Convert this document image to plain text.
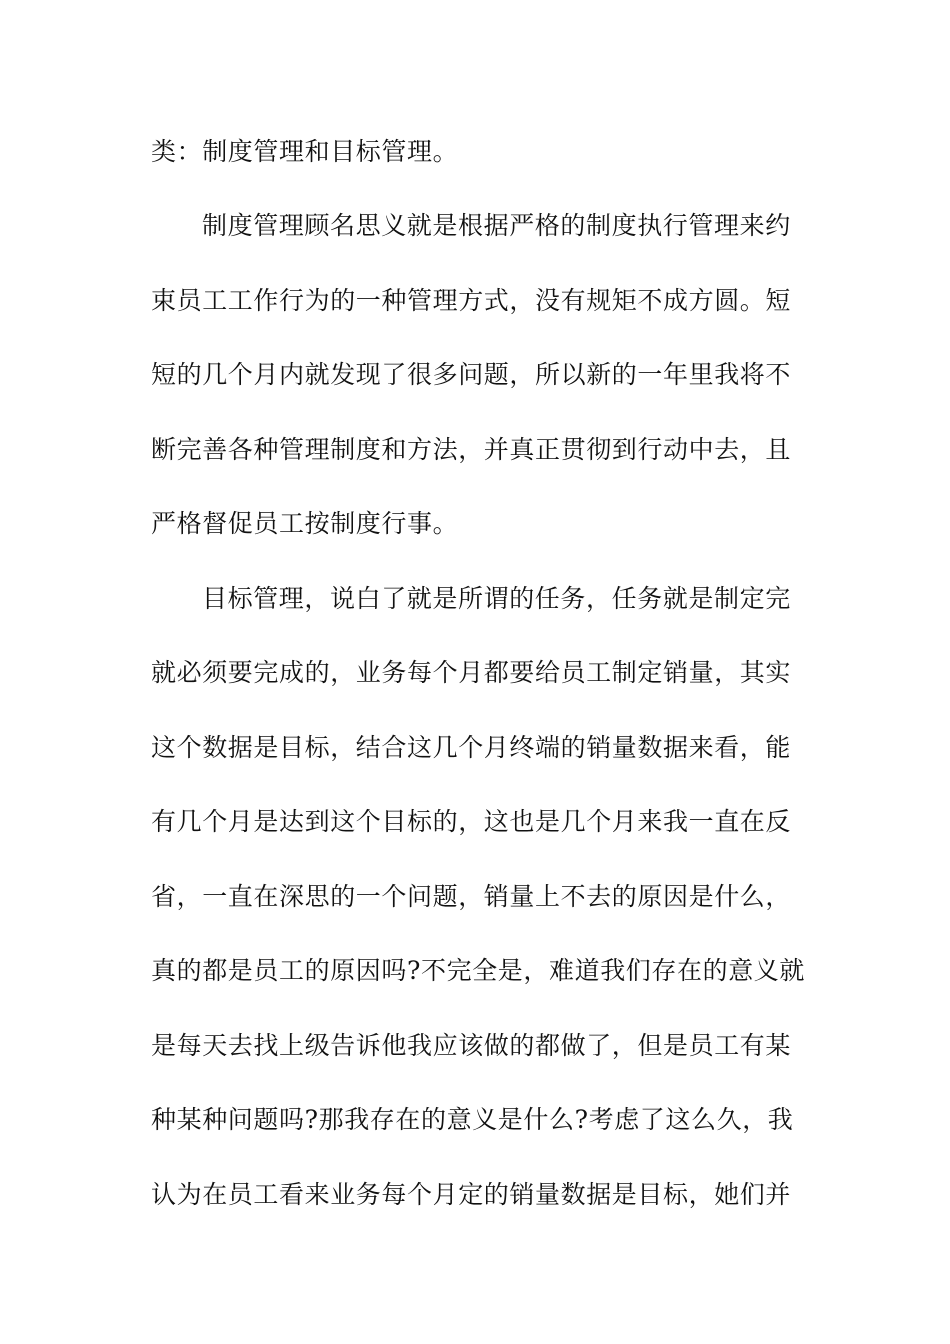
类：制度管理和目标管理。

制度管理顾名思义就是根据严格的制度执行管理来约

束员工工作行为的一种管理方式，没有规矩不成方圆。短

短的几个月内就发现了很多问题，所以新的一年里我将不

断完善各种管理制度和方法，并真正贯彻到行动中去，且

严格督促员工按制度行事。

目标管理，说白了就是所谓的任务，任务就是制定完

就必须要完成的，业务每个月都要给员工制定销量，其实

这个数据是目标，结合这几个月终端的销量数据来看，能

有几个月是达到这个目标的，这也是几个月来我一直在反

省，一直在深思的一个问题，销量上不去的原因是什么，

真的都是员工的原因吗?不完全是，难道我们存在的意义就

是每天去找上级告诉他我应该做的都做了，但是员工有某

种某种问题吗?那我存在的意义是什么?考虑了这么久，我

认为在员工看来业务每个月定的销量数据是目标，她们并
